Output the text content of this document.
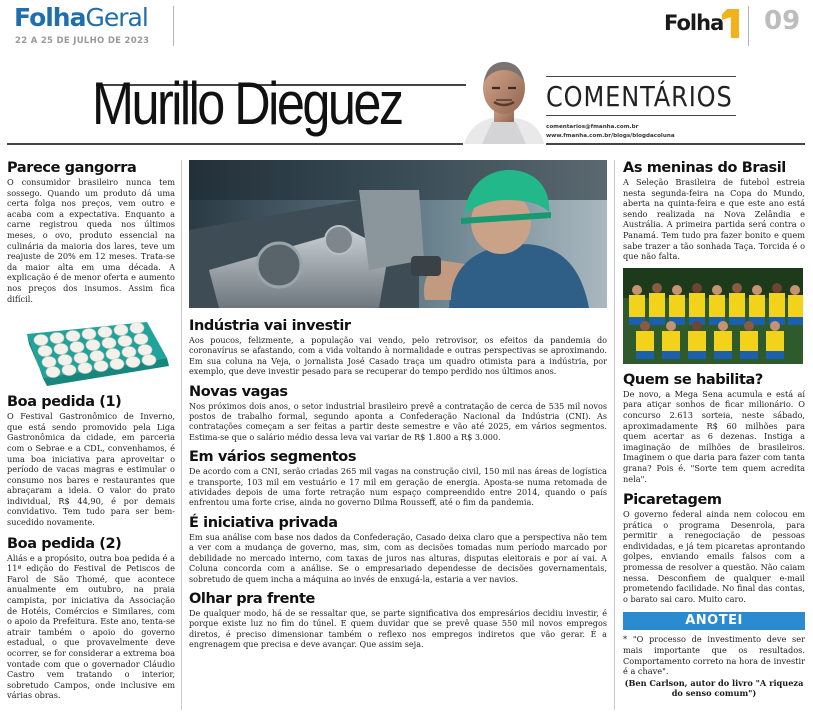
FolhaGeral
22 A 25 DE JULHO DE 2023
Folha 09
Murillo Dieguez	COMENTÁRIOS
comentarios@fmanha.com.br
www.fmanha.com.br/blogs/blogdacoluna
Parece gangorra

O consumidor brasileiro nunca tem sossego. Quando um produto dá uma certa folga nos preços, vem outro e acaba com a expectativa. Enquanto a carne registrou queda nos últimos meses, o ovo, produto essencial na culinária da maioria dos lares, teve um reajuste de 20% em 12 meses. Trata-se da maior alta em uma década. A explicação é de menor oferta e aumento nos preços dos insumos. Assim fica difícil.

Boa pedida (1)

O Festival Gastronômico de Inverno, que está sendo promovido pela Liga Gastronômica da cidade, em parceria com o Sebrae e a CDL, convenhamos, é uma boa iniciativa para aproveitar o período de vacas magras e estimular o consumo nos bares e restaurantes que abraçaram a ideia. O valor do prato individual, R$ 44,90, é por demais convidativo. Tem tudo para ser bem-sucedido novamente.

Boa pedida (2)

Aliás e a propósito, outra boa pedida é a 11ª edição do Festival de Petiscos de Farol de São Thomé, que acontece anualmente em outubro, na praia campista, por iniciativa da Associação de Hotéis, Comércios e Similares, com o apoio da Prefeitura. Este ano, tenta-se atrair também o apoio do governo estadual, o que provavelmente deve ocorrer, se for considerar a extrema boa vontade com que o governador Cláudio Castro vem tratando o interior, sobretudo Campos, onde inclusive em várias obras.

Indústria vai investir

Aos poucos, felizmente, a população vai vendo, pelo retrovisor, os efeitos da pandemia do coronavírus se afastando, com a vida voltando à normalidade e outras perspectivas se aproximando. Em sua coluna na Veja, o jornalista José Casado traça um quadro otimista para a indústria, por exemplo, que deve investir pesado para se recuperar do tempo perdido nos últimos anos.

Novas vagas

Nos próximos dois anos, o setor industrial brasileiro prevê a contratação de cerca de 535 mil novos postos de trabalho formal, segundo aponta a Confederação Nacional da Indústria (CNI). As contratações começam a ser feitas a partir deste semestre e vão até 2025, em vários segmentos. Estima-se que o salário médio dessa leva vai variar de R$ 1.800 a R$ 3.000.

Em vários segmentos

De acordo com a CNI, serão criadas 265 mil vagas na construção civil, 150 mil nas áreas de logística e transporte, 103 mil em vestuário e 17 mil em geração de energia. Aposta-se numa retomada de atividades depois de uma forte retração num espaço compreendido entre 2014, quando o país enfrentou uma forte crise, ainda no governo Dilma Rousseff, até o fim da pandemia.

É iniciativa privada

Em sua análise com base nos dados da Confederação, Casado deixa claro que a perspectiva não tem a ver com a mudança de governo, mas, sim, com as decisões tomadas num período marcado por debilidade no mercado interno, com taxas de juros nas alturas, disputas eleitorais e por aí vai. A Coluna concorda com a análise. Se o empresariado dependesse de decisões governamentais, sobretudo de quem incha a máquina ao invés de enxugá-la, estaria a ver navios.

Olhar pra frente

De qualquer modo, há de se ressaltar que, se parte significativa dos empresários decidiu investir, é porque existe luz no fim do túnel. E quem duvidar que se prevê quase 550 mil novos empregos diretos, é preciso dimensionar também o reflexo nos empregos indiretos que vão gerar. É a engrenagem que precisa e deve avançar. Que assim seja.

As meninas do Brasil

A Seleção Brasileira de futebol estreia nesta segunda-feira na Copa do Mundo, aberta na quinta-feira e que este ano está sendo realizada na Nova Zelândia e Austrália. A primeira partida será contra o Panamá. Tem tudo pra fazer bonito e quem sabe trazer a tão sonhada Taça. Torcida é o que não falta.

Quem se habilita?

De novo, a Mega Sena acumula e está aí para atiçar sonhos de ficar milionário. O concurso 2.613 sorteia, neste sábado, aproximadamente R$ 60 milhões para quem acertar as 6 dezenas. Instiga a imaginação de milhões de brasileiros. Imaginem o que daria para fazer com tanta grana? Pois é. "Sorte tem quem acredita nela".

Picaretagem

O governo federal ainda nem colocou em prática o programa Desenrola, para permitir a renegociação de pessoas endividadas, e já tem picaretas aprontando golpes, enviando emails falsos com a promessa de resolver a questão. Não caiam nessa. Desconfiem de qualquer e-mail prometendo facilidade. No final das contas, o barato sai caro. Muito caro.

ANOTEI

* "O processo de investimento deve ser mais importante que os resultados. Comportamento correto na hora de investir é a chave".

(Ben Carlson, autor do livro "A riqueza do senso comum")
